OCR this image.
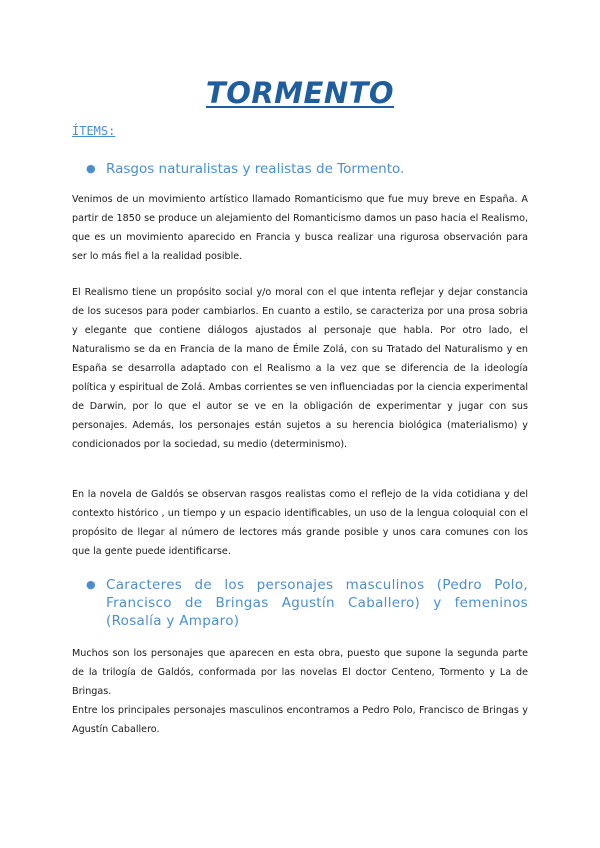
TORMENTO
ÍTEMS:
● Rasgos naturalistas y realistas de Tormento.

Venimos de un movimiento artístico llamado Romanticismo que fue muy breve en España. A partir de 1850 se produce un alejamiento del Romanticismo damos un paso hacia el Realismo, que es un movimiento aparecido en Francia y busca realizar una rigurosa observación para ser lo más fiel a la realidad posible.

El Realismo tiene un propósito social y/o moral con el que intenta reflejar y dejar constancia de los sucesos para poder cambiarlos. En cuanto a estilo, se caracteriza por una prosa sobria y elegante que contiene diálogos ajustados al personaje que habla. Por otro lado, el Naturalismo se da en Francia de la mano de Émile Zolá, con su Tratado del Naturalismo y en España se desarrolla adaptado con el Realismo a la vez que se diferencia de la ideología política y espiritual de Zolá. Ambas corrientes se ven influenciadas por la ciencia experimental de Darwin, por lo que el autor se ve en la obligación de experimentar y jugar con sus personajes. Además, los personajes están sujetos a su herencia biológica (materialismo) y condicionados por la sociedad, su medio (determinismo).

En la novela de Galdós se observan rasgos realistas como el reflejo de la vida cotidiana y del contexto histórico , un tiempo y un espacio identificables, un uso de la lengua coloquial con el propósito de llegar al número de lectores más grande posible y unos cara comunes con los que la gente puede identificarse.

● Caracteres de los personajes masculinos (Pedro Polo, Francisco de Bringas Agustín Caballero) y femeninos (Rosalía y Amparo)

Muchos son los personajes que aparecen en esta obra, puesto que supone la segunda parte de la trilogía de Galdós, conformada por las novelas El doctor Centeno, Tormento y La de Bringas.

Entre los principales personajes masculinos encontramos a Pedro Polo, Francisco de Bringas y Agustín Caballero.
